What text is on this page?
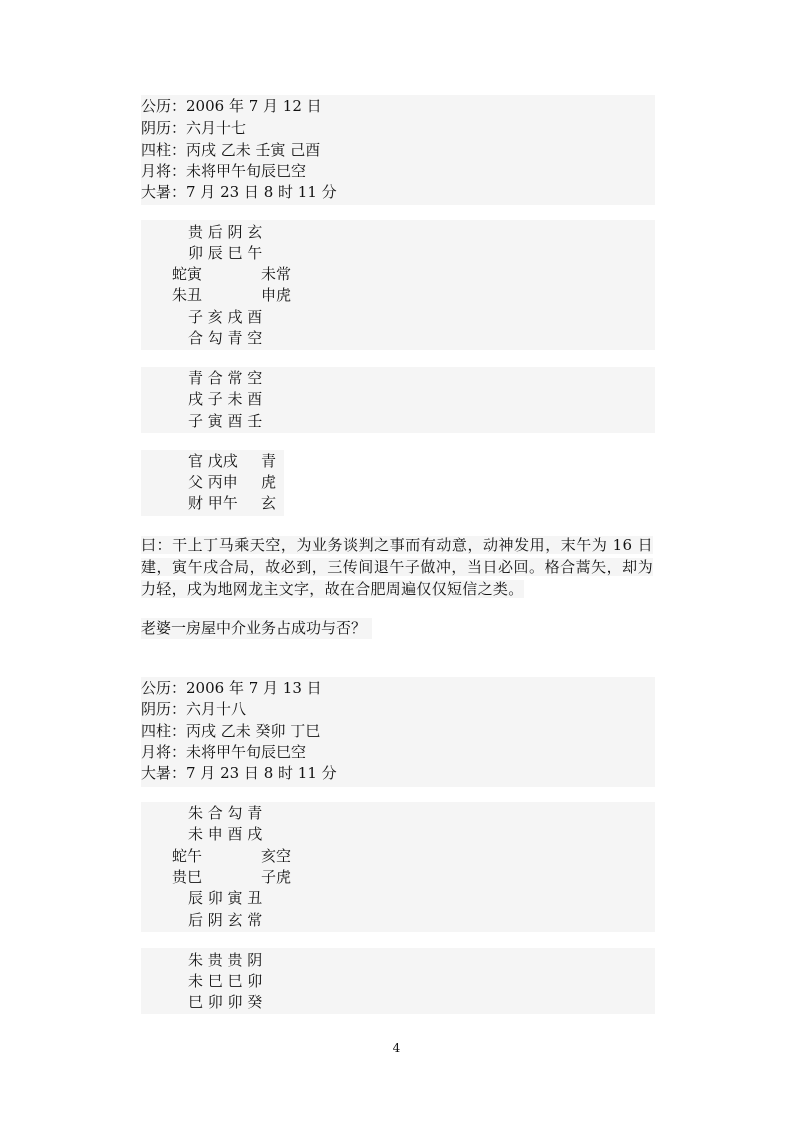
公历：2006 年 7 月 12 日
阴历：六月十七
四柱：丙戌 乙未 壬寅 己酉
月将：未将甲午旬辰巳空
大暑：7 月 23 日 8 时 11 分
贵 后 阴 玄
卯 辰 巳 午
蛇寅	未常
朱丑	申虎
子 亥 戌 酉
合 勾 青 空
青 合 常 空
戌 子 未 酉
子 寅 酉 壬
官 戊戌 青
父 丙申 虎
财 甲午 玄
曰：干上丁马乘天空，为业务谈判之事而有动意，动神发用，末午为 16 日建，寅午戌合局，故必到，三传间退午子做冲，当日必回。格合蒿矢，却为力轻，戌为地网龙主文字，故在合肥周遍仅仅短信之类。
老婆一房屋中介业务占成功与否？
公历：2006 年 7 月 13 日
阴历：六月十八
四柱：丙戌 乙未 癸卯 丁巳
月将：未将甲午旬辰巳空
大暑：7 月 23 日 8 时 11 分
朱 合 勾 青
未 申 酉 戌
蛇午	亥空
贵巳	子虎
辰 卯 寅 丑
后 阴 玄 常
朱 贵 贵 阴
未 巳 巳 卯
巳 卯 卯 癸
4
